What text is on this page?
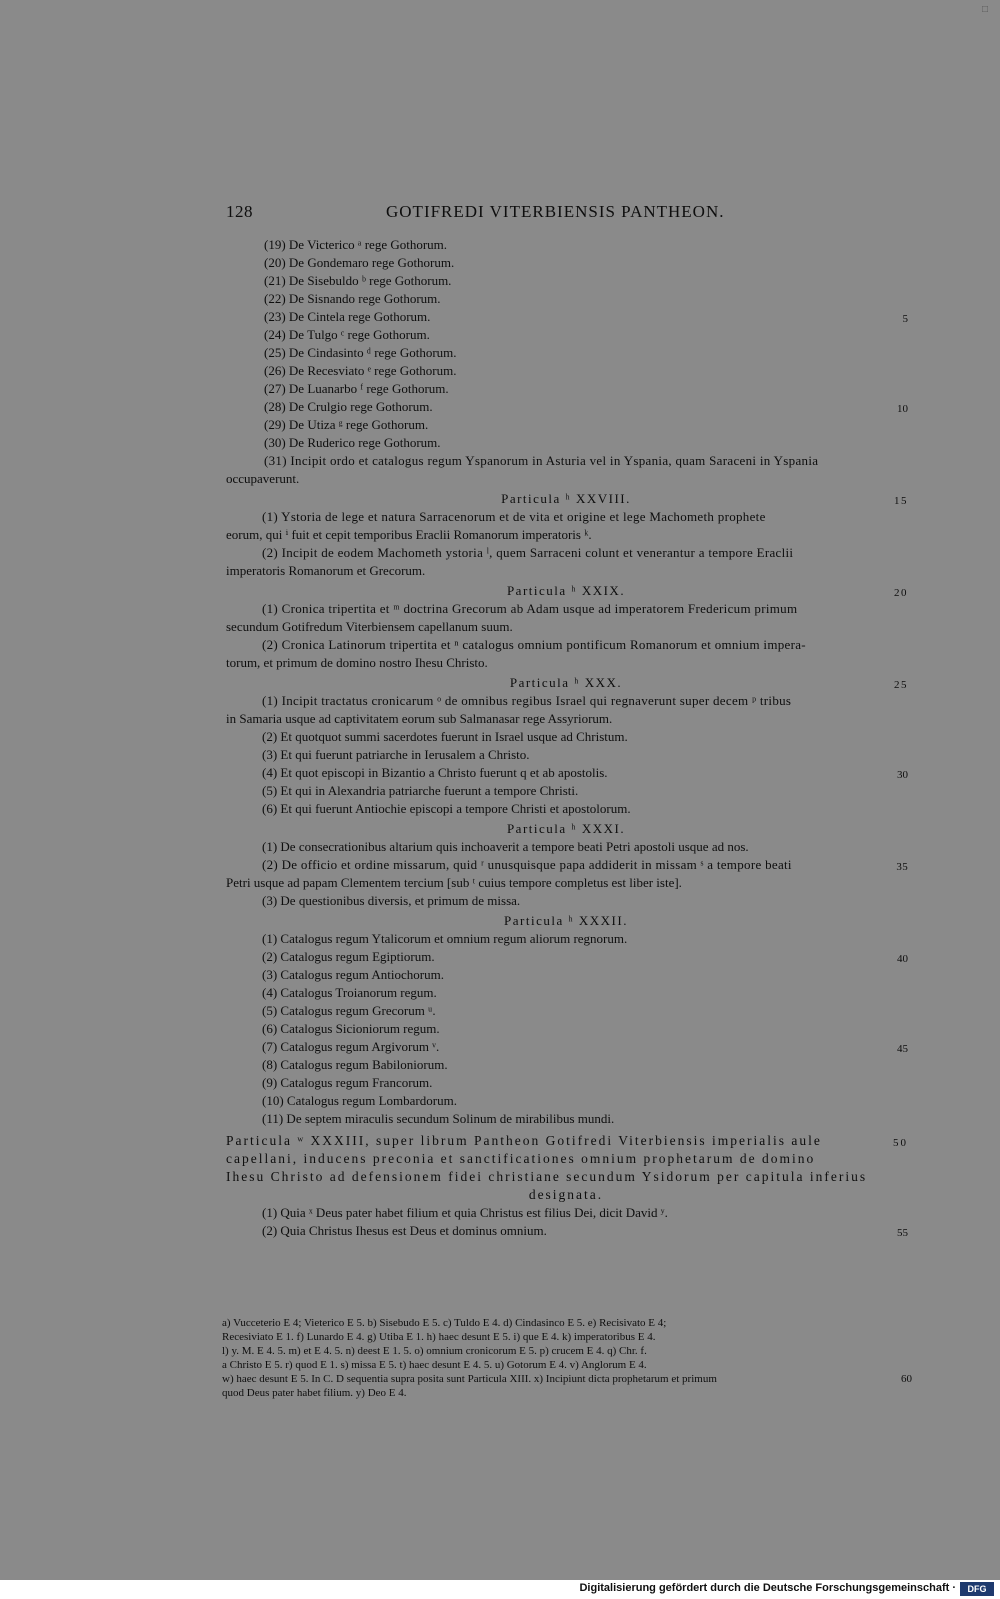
□
128	GOTIFREDI VITERBIENSIS PANTHEON.
(19) De Victerico ᵃ rege Gothorum.
(20) De Gondemaro rege Gothorum.
(21) De Sisebuldo ᵇ rege Gothorum.
(22) De Sisnando rege Gothorum.
(23) De Cintela rege Gothorum.	5
(24) De Tulgo ᶜ rege Gothorum.
(25) De Cindasinto ᵈ rege Gothorum.
(26) De Recesviato ᵉ rege Gothorum.
(27) De Luanarbo ᶠ rege Gothorum.
(28) De Crulgio rege Gothorum.	10
(29) De Utiza ᵍ rege Gothorum.
(30) De Ruderico rege Gothorum.
(31) Incipit ordo et catalogus regum Yspanorum in Asturia vel in Yspania, quam Saraceni in Yspania
occupaverunt.
Particula ʰ XXVIII.	15
(1) Ystoria de lege et natura Sarracenorum et de vita et origine et lege Machometh prophete
eorum, qui ⁱ fuit et cepit temporibus Eraclii Romanorum imperatoris ᵏ.
(2) Incipit de eodem Machometh ystoria ˡ, quem Sarraceni colunt et venerantur a tempore Eraclii
imperatoris Romanorum et Grecorum.
Particula ʰ XXIX.	20
(1) Cronica tripertita et ᵐ doctrina Grecorum ab Adam usque ad imperatorem Fredericum primum
secundum Gotifredum Viterbiensem capellanum suum.
(2) Cronica Latinorum tripertita et ⁿ catalogus omnium pontificum Romanorum et omnium impera-
torum, et primum de domino nostro Ihesu Christo.
Particula ʰ XXX.	25
(1) Incipit tractatus cronicarum ᵒ de omnibus regibus Israel qui regnaverunt super decem ᵖ tribus
in Samaria usque ad captivitatem eorum sub Salmanasar rege Assyriorum.
(2) Et quotquot summi sacerdotes fuerunt in Israel usque ad Christum.
(3) Et qui fuerunt patriarche in Ierusalem a Christo.
(4) Et quot episcopi in Bizantio a Christo fuerunt q et ab apostolis.	30
(5) Et qui in Alexandria patriarche fuerunt a tempore Christi.
(6) Et qui fuerunt Antiochie episcopi a tempore Christi et apostolorum.
Particula ʰ XXXI.
(1) De consecrationibus altarium quis inchoaverit a tempore beati Petri apostoli usque ad nos.
(2) De officio et ordine missarum, quid ʳ unusquisque papa addiderit in missam ˢ a tempore beati	35
Petri usque ad papam Clementem tercium [sub ᵗ cuius tempore completus est liber iste].
(3) De questionibus diversis, et primum de missa.
Particula ʰ XXXII.
(1) Catalogus regum Ytalicorum et omnium regum aliorum regnorum.
(2) Catalogus regum Egiptiorum.	40
(3) Catalogus regum Antiochorum.
(4) Catalogus Troianorum regum.
(5) Catalogus regum Grecorum ᵘ.
(6) Catalogus Sicioniorum regum.
(7) Catalogus regum Argivorum ᵛ.	45
(8) Catalogus regum Babiloniorum.
(9) Catalogus regum Francorum.
(10) Catalogus regum Lombardorum.
(11) De septem miraculis secundum Solinum de mirabilibus mundi.
Particula ʷ XXXIII, super librum Pantheon Gotifredi Viterbiensis imperialis aule	50
capellani, inducens preconia et sanctificationes omnium prophetarum de domino
Ihesu Christo ad defensionem fidei christiane secundum Ysidorum per capitula inferius
designata.
(1) Quia ˣ Deus pater habet filium et quia Christus est filius Dei, dicit David ʸ.
(2) Quia Christus Ihesus est Deus et dominus omnium.	55
a) Vucceterio E 4; Vieterico E 5. b) Sisebudo E 5. c) Tuldo E 4. d) Cindasinco E 5. e) Recisivato E 4;
Recesiviato E 1. f) Lunardo E 4. g) Utiba E 1. h) haec desunt E 5. i) que E 4. k) imperatoribus E 4.
l) y. M. E 4. 5. m) et E 4. 5. n) deest E 1. 5. o) omnium cronicorum E 5. p) crucem E 4. q) Chr. f.
a Christo E 5. r) quod E 1. s) missa E 5. t) haec desunt E 4. 5. u) Gotorum E 4. v) Anglorum E 4.
w) haec desunt E 5. In C. D sequentia supra posita sunt Particula XIII. x) Incipiunt dicta prophetarum et primum	60
quod Deus pater habet filium. y) Deo E 4.
Digitalisierung gefördert durch die Deutsche Forschungsgemeinschaft ·	DFG
